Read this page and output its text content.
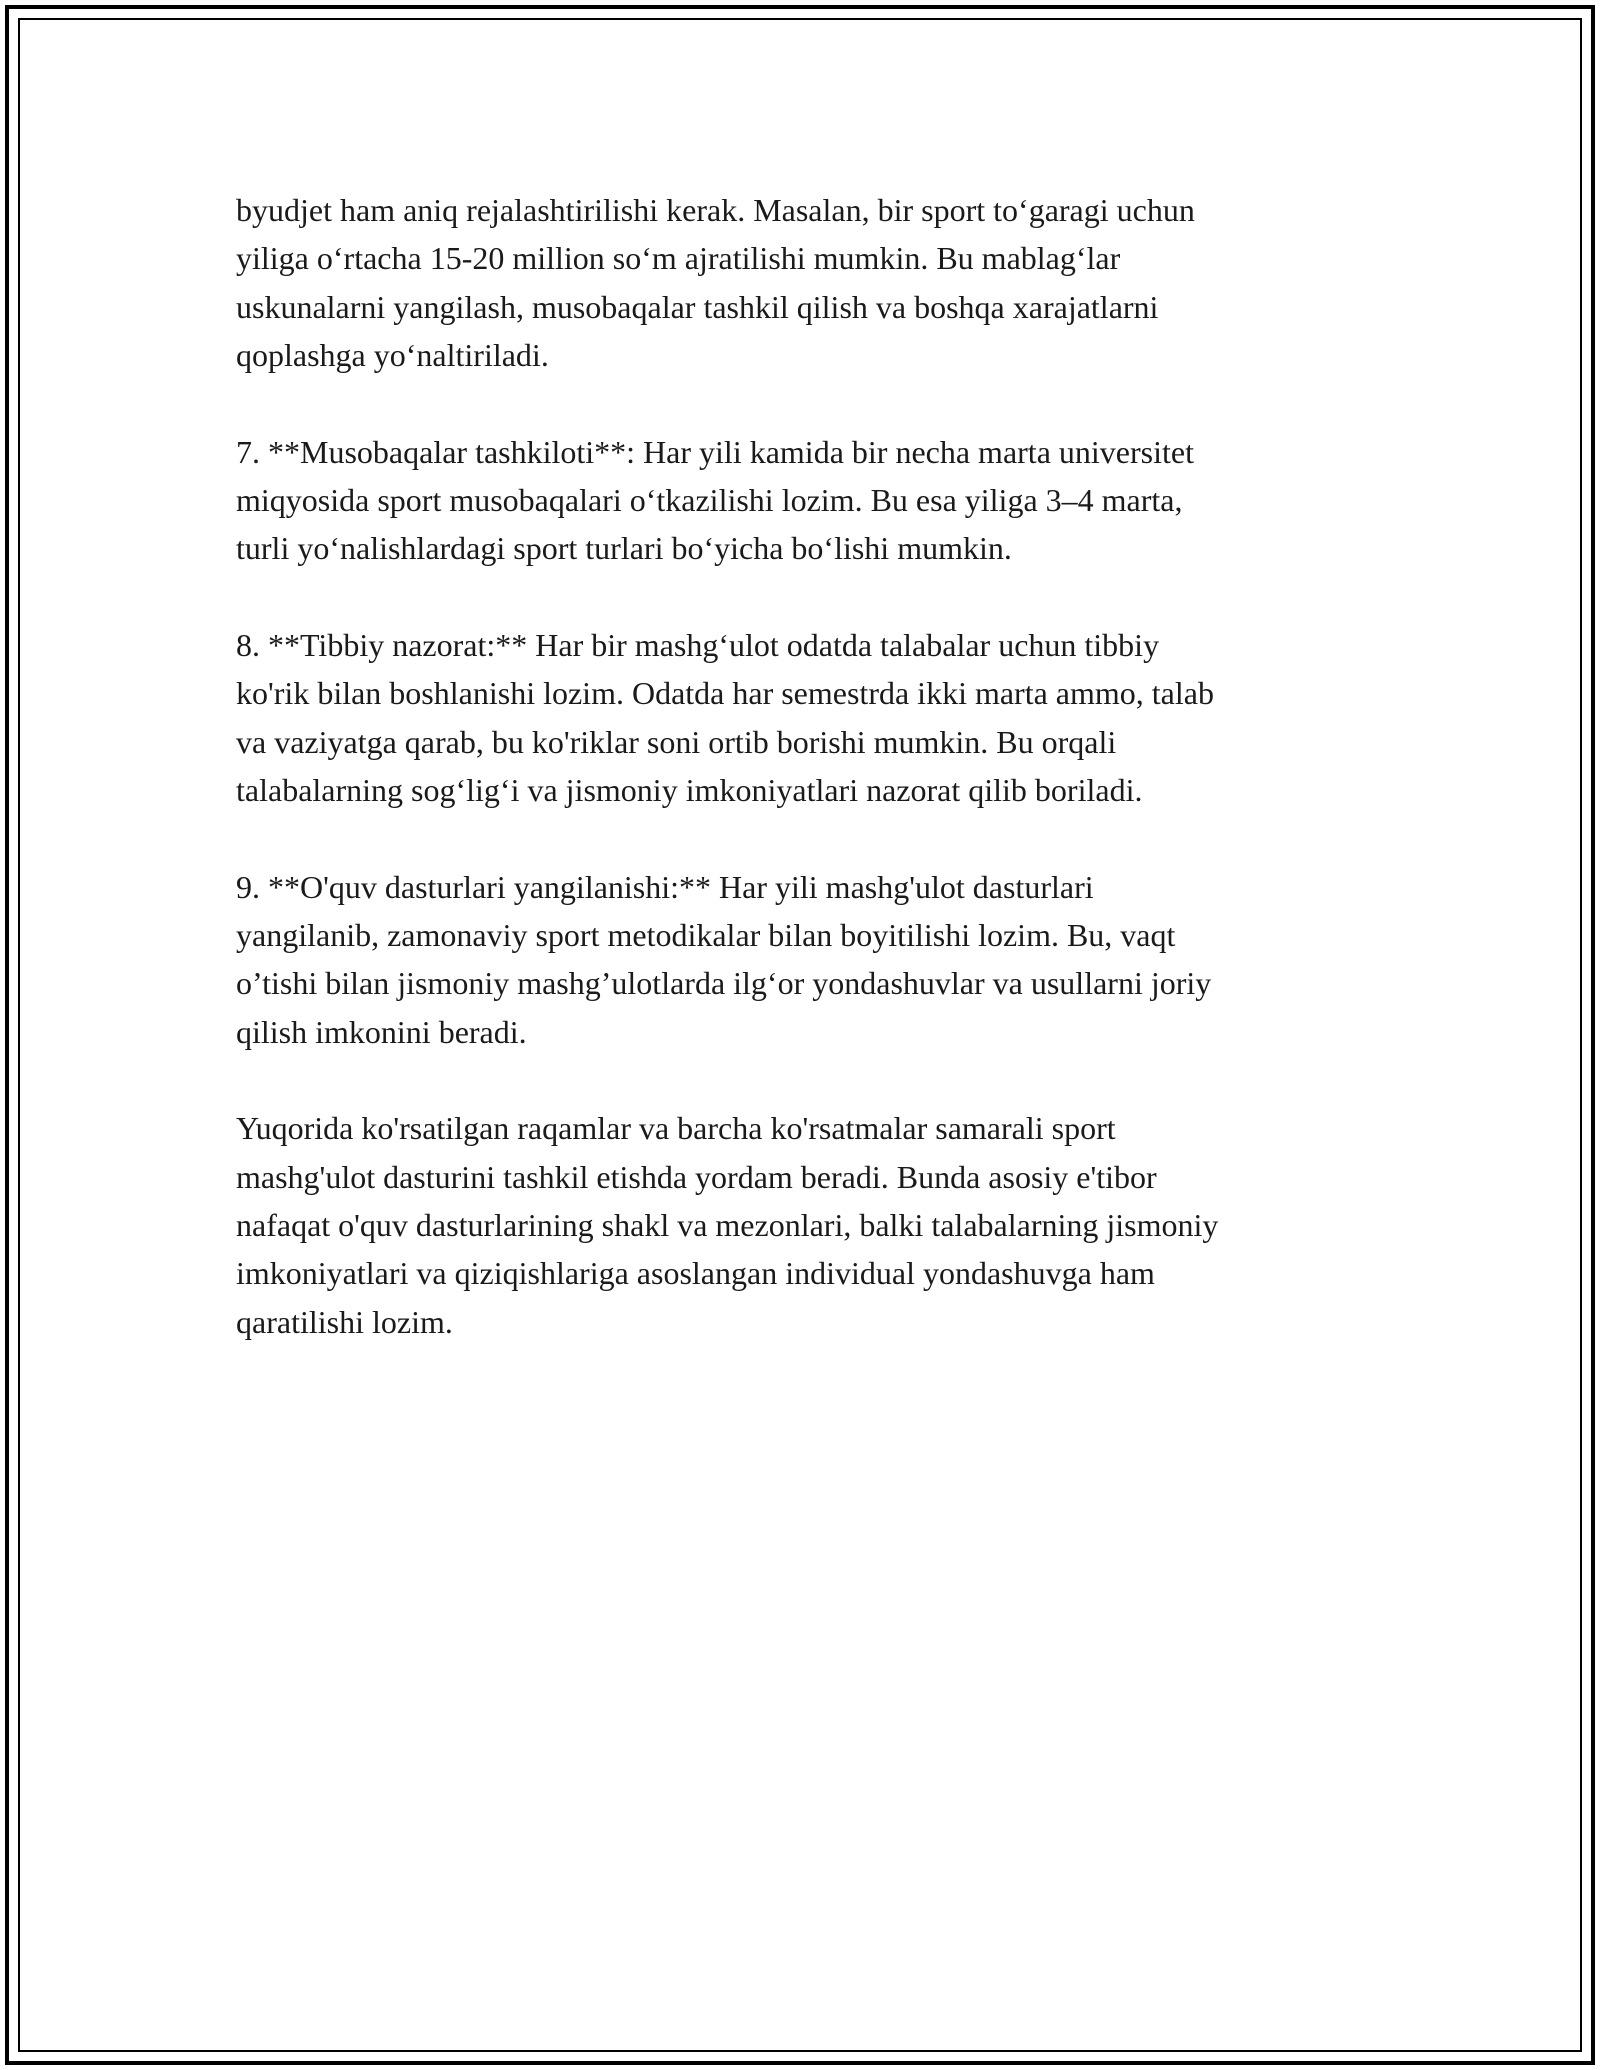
byudjet ham aniq rejalashtirilishi kerak. Masalan, bir sport to‘garagi uchun
yiliga o‘rtacha 15-20 million so‘m ajratilishi mumkin. Bu mablag‘lar
uskunalarni yangilash, musobaqalar tashkil qilish va boshqa xarajatlarni
qoplashga yo‘naltiriladi.

7. **Musobaqalar tashkiloti**: Har yili kamida bir necha marta universitet
miqyosida sport musobaqalari o‘tkazilishi lozim. Bu esa yiliga 3–4 marta,
turli yo‘nalishlardagi sport turlari bo‘yicha bo‘lishi mumkin.

8. **Tibbiy nazorat:** Har bir mashg‘ulot odatda talabalar uchun tibbiy
ko'rik bilan boshlanishi lozim. Odatda har semestrda ikki marta ammo, talab
va vaziyatga qarab, bu ko'riklar soni ortib borishi mumkin. Bu orqali
talabalarning sog‘lig‘i va jismoniy imkoniyatlari nazorat qilib boriladi.

9. **O'quv dasturlari yangilanishi:** Har yili mashg'ulot dasturlari
yangilanib, zamonaviy sport metodikalar bilan boyitilishi lozim. Bu, vaqt
o’tishi bilan jismoniy mashg’ulotlarda ilg‘or yondashuvlar va usullarni joriy
qilish imkonini beradi.

Yuqorida ko'rsatilgan raqamlar va barcha ko'rsatmalar samarali sport
mashg'ulot dasturini tashkil etishda yordam beradi. Bunda asosiy e'tibor
nafaqat o'quv dasturlarining shakl va mezonlari, balki talabalarning jismoniy
imkoniyatlari va qiziqishlariga asoslangan individual yondashuvga ham
qaratilishi lozim.
